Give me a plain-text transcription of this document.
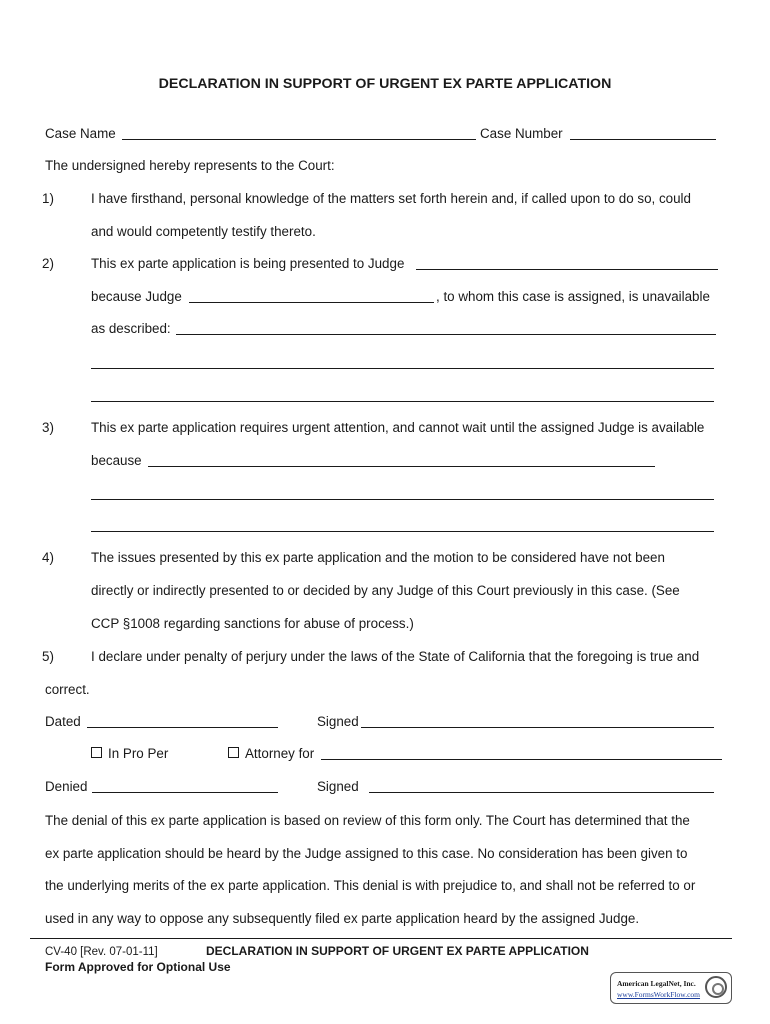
DECLARATION IN SUPPORT OF URGENT EX PARTE APPLICATION
Case Name	Case Number
The undersigned hereby represents to the Court:
1)	I have firsthand, personal knowledge of the matters set forth herein and, if called upon to do so, could
and would competently testify thereto.
2)	This ex parte application is being presented to Judge
because Judge	, to whom this case is assigned, is unavailable
as described:
3)	This ex parte application requires urgent attention, and cannot wait until the assigned Judge is available
because
4)	The issues presented by this ex parte application and the motion to be considered have not been
directly or indirectly presented to or decided by any Judge of this Court previously in this case. (See
CCP §1008 regarding sanctions for abuse of process.)
5)	I declare under penalty of perjury under the laws of the State of California that the foregoing is true and
correct.
Dated	Signed
In Pro Per	Attorney for
Denied	Signed
The denial of this ex parte application is based on review of this form only. The Court has determined that the
ex parte application should be heard by the Judge assigned to this case. No consideration has been given to
the underlying merits of the ex parte application. This denial is with prejudice to, and shall not be referred to or
used in any way to oppose any subsequently filed ex parte application heard by the assigned Judge.
CV-40 [Rev. 07-01-11]	DECLARATION IN SUPPORT OF URGENT EX PARTE APPLICATION
Form Approved for Optional Use
American LegalNet, Inc.
www.FormsWorkFlow.com
